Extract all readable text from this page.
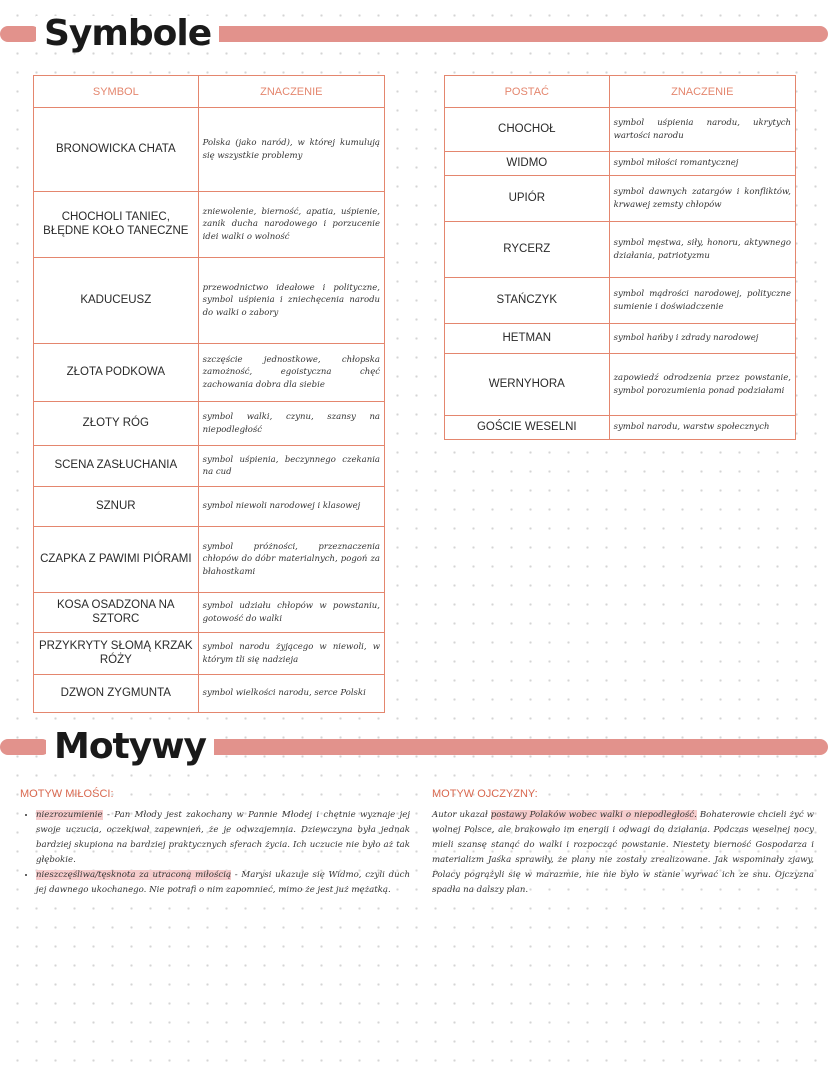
Symbole
SYMBOL	ZNACZENIE
BRONOWICKA CHATA	Polska (jako naród), w której kumulują się wszystkie problemy
CHOCHOLI TANIEC, BŁĘDNE KOŁO TANECZNE	zniewolenie, bierność, apatia, uśpienie, zanik ducha narodowego i porzucenie idei walki o wolność
KADUCEUSZ	przewodnictwo ideałowe i polityczne, symbol uśpienia i zniechęcenia narodu do walki o zabory
ZŁOTA PODKOWA	szczęście jednostkowe, chłopska zamożność, egoistyczna chęć zachowania dobra dla siebie
ZŁOTY RÓG	symbol walki, czynu, szansy na niepodległość
SCENA ZASŁUCHANIA	symbol uśpienia, beczynnego czekania na cud
SZNUR	symbol niewoli narodowej i klasowej
CZAPKA Z PAWIMI PIÓRAMI	symbol próżności, przeznaczenia chłopów do dóbr materialnych, pogoń za błahostkami
KOSA OSADZONA NA SZTORC	symbol udziału chłopów w powstaniu, gotowość do walki
PRZYKRYTY SŁOMĄ KRZAK RÓŻY	symbol narodu żyjącego w niewoli, w którym tli się nadzieja
DZWON ZYGMUNTA	symbol wielkości narodu, serce Polski
POSTAĆ	ZNACZENIE
CHOCHOŁ	symbol uśpienia narodu, ukrytych wartości narodu
WIDMO	symbol miłości romantycznej
UPIÓR	symbol dawnych zatargów i konfliktów, krwawej zemsty chłopów
RYCERZ	symbol męstwa, siły, honoru, aktywnego działania, patriotyzmu
STAŃCZYK	symbol mądrości narodowej, polityczne sumienie i doświadczenie
HETMAN	symbol hańby i zdrady narodowej
WERNYHORA	zapowiedź odrodzenia przez powstanie, symbol porozumienia ponad podziałami
GOŚCIE WESELNI	symbol narodu, warstw społecznych
Motywy
MOTYW MIŁOŚCI:
• niezrozumienie - Pan Młody jest zakochany w Pannie Młodej i chętnie wyznaje jej swoje uczucia, oczekiwał zapewnień, że je odwzajemnia. Dziewczyna była jednak bardziej skupiona na bardziej praktycznych sferach życia. Ich uczucie nie było aż tak głębokie.
• nieszczęśliwa/tęsknota za utraconą miłością - Marysi ukazuje się Widmo, czyli duch jej dawnego ukochanego. Nie potrafi o nim zapomnieć, mimo że jest już mężatką.
MOTYW OJCZYZNY:
Autor ukazał postawy Polaków wobec walki o niepodległość. Bohaterowie chcieli żyć w wolnej Polsce, ale brakowało im energii i odwagi do działania. Podczas weselnej nocy mieli szansę stanąć do walki i rozpocząć powstanie. Niestety bierność Gospodarza i materializm Jaśka sprawiły, że plany nie zostały zrealizowane. Jak wspominały zjawy, Polacy pogrążyli się w marazmie, nie nie było w stanie wyrwać ich ze snu. Ojczyzna spadła na dalszy plan.
